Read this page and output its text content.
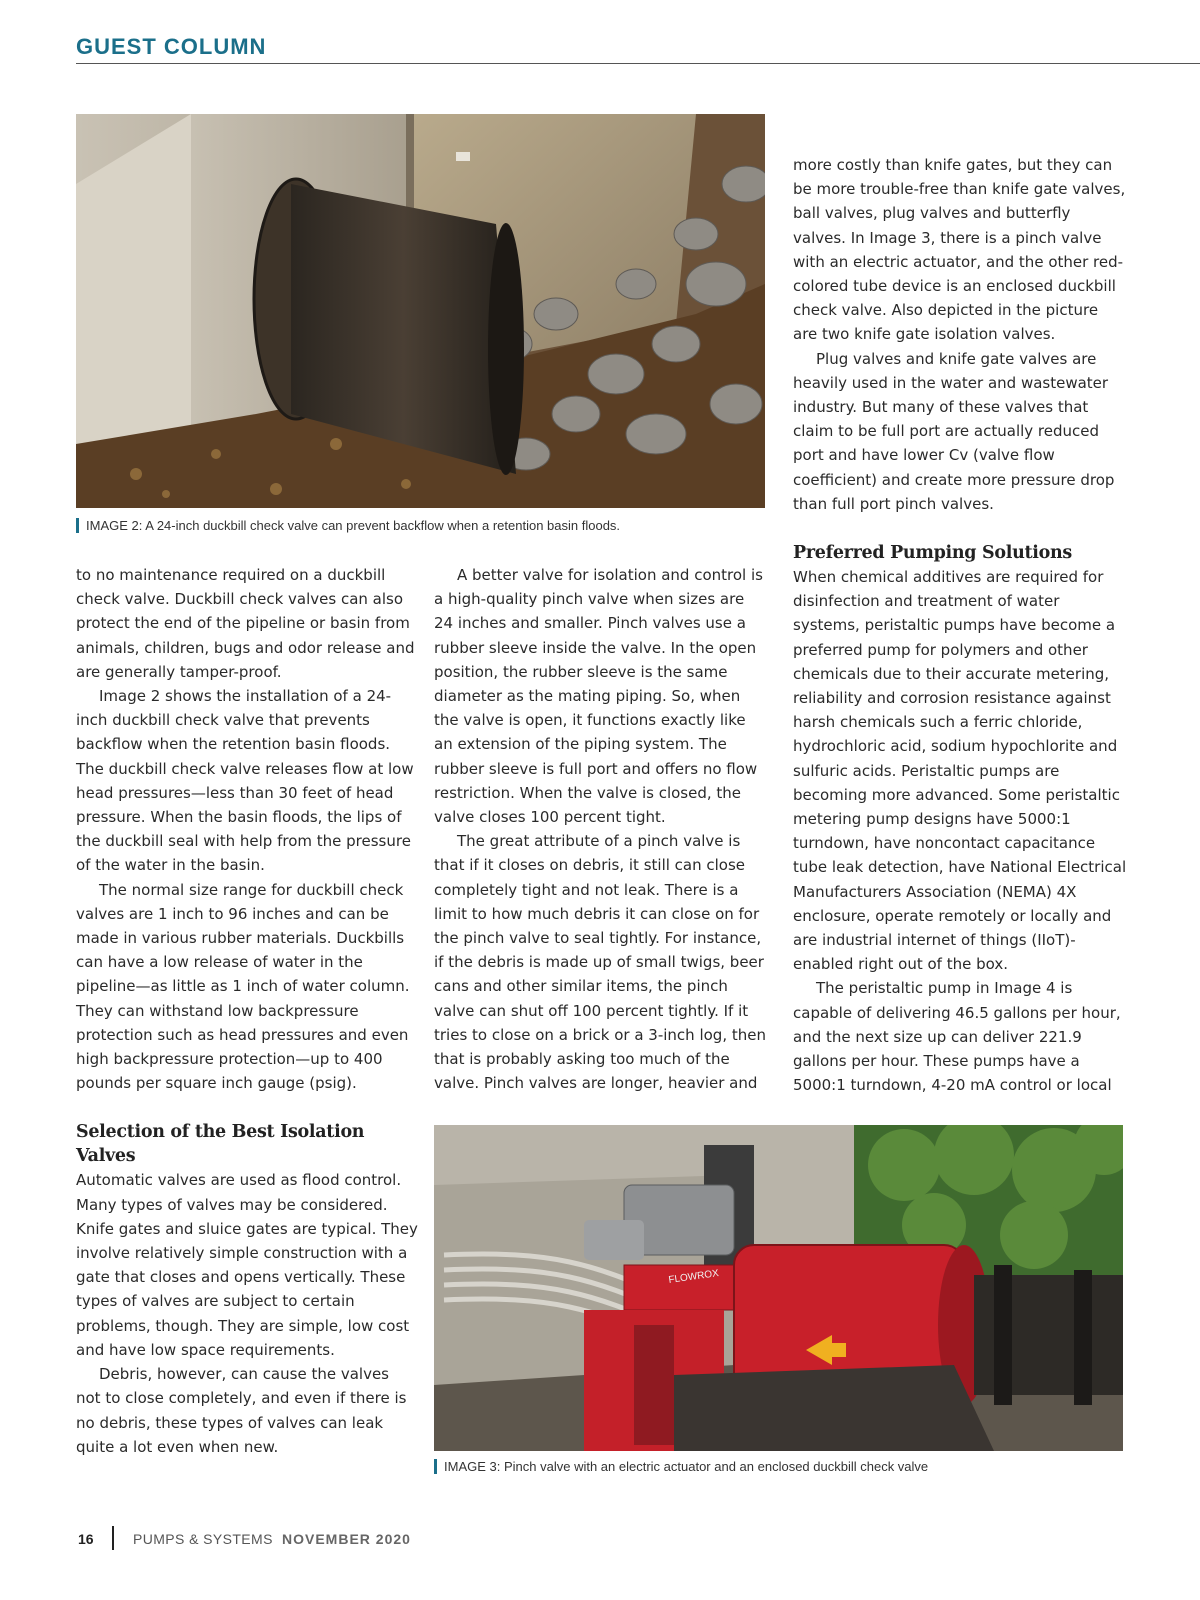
GUEST COLUMN
IMAGE 2: A 24-inch duckbill check valve can prevent backflow when a retention basin floods.

to no maintenance required on a duckbill check valve. Duckbill check valves can also protect the end of the pipeline or basin from animals, children, bugs and odor release and are generally tamper-proof.

Image 2 shows the installation of a 24-inch duckbill check valve that prevents backflow when the retention basin floods. The duckbill check valve releases flow at low head pressures—less than 30 feet of head pressure. When the basin floods, the lips of the duckbill seal with help from the pressure of the water in the basin.

The normal size range for duckbill check valves are 1 inch to 96 inches and can be made in various rubber materials. Duckbills can have a low release of water in the pipeline—as little as 1 inch of water column. They can withstand low backpressure protection such as head pressures and even high backpressure protection—up to 400 pounds per square inch gauge (psig).

Selection of the Best Isolation Valves

Automatic valves are used as flood control. Many types of valves may be considered. Knife gates and sluice gates are typical. They involve relatively simple construction with a gate that closes and opens vertically. These types of valves are subject to certain problems, though. They are simple, low cost and have low space requirements.

Debris, however, can cause the valves not to close completely, and even if there is no debris, these types of valves can leak quite a lot even when new.

A better valve for isolation and control is a high-quality pinch valve when sizes are 24 inches and smaller. Pinch valves use a rubber sleeve inside the valve. In the open position, the rubber sleeve is the same diameter as the mating piping. So, when the valve is open, it functions exactly like an extension of the piping system. The rubber sleeve is full port and offers no flow restriction. When the valve is closed, the valve closes 100 percent tight.

The great attribute of a pinch valve is that if it closes on debris, it still can close completely tight and not leak. There is a limit to how much debris it can close on for the pinch valve to seal tightly. For instance, if the debris is made up of small twigs, beer cans and other similar items, the pinch valve can shut off 100 percent tightly. If it tries to close on a brick or a 3-inch log, then that is probably asking too much of the valve. Pinch valves are longer, heavier and

more costly than knife gates, but they can be more trouble-free than knife gate valves, ball valves, plug valves and butterfly valves. In Image 3, there is a pinch valve with an electric actuator, and the other red-colored tube device is an enclosed duckbill check valve. Also depicted in the picture are two knife gate isolation valves.

Plug valves and knife gate valves are heavily used in the water and wastewater industry. But many of these valves that claim to be full port are actually reduced port and have lower Cv (valve flow coefficient) and create more pressure drop than full port pinch valves.

Preferred Pumping Solutions

When chemical additives are required for disinfection and treatment of water systems, peristaltic pumps have become a preferred pump for polymers and other chemicals due to their accurate metering, reliability and corrosion resistance against harsh chemicals such a ferric chloride, hydrochloric acid, sodium hypochlorite and sulfuric acids. Peristaltic pumps are becoming more advanced. Some peristaltic metering pump designs have 5000:1 turndown, have noncontact capacitance tube leak detection, have National Electrical Manufacturers Association (NEMA) 4X enclosure, operate remotely or locally and are industrial internet of things (IIoT)-enabled right out of the box.

The peristaltic pump in Image 4 is capable of delivering 46.5 gallons per hour, and the next size up can deliver 221.9 gallons per hour. These pumps have a 5000:1 turndown, 4-20 mA control or local

FLOWROX
IMAGE 3: Pinch valve with an electric actuator and an enclosed duckbill check valve
16	PUMPS & SYSTEMS NOVEMBER 2020
